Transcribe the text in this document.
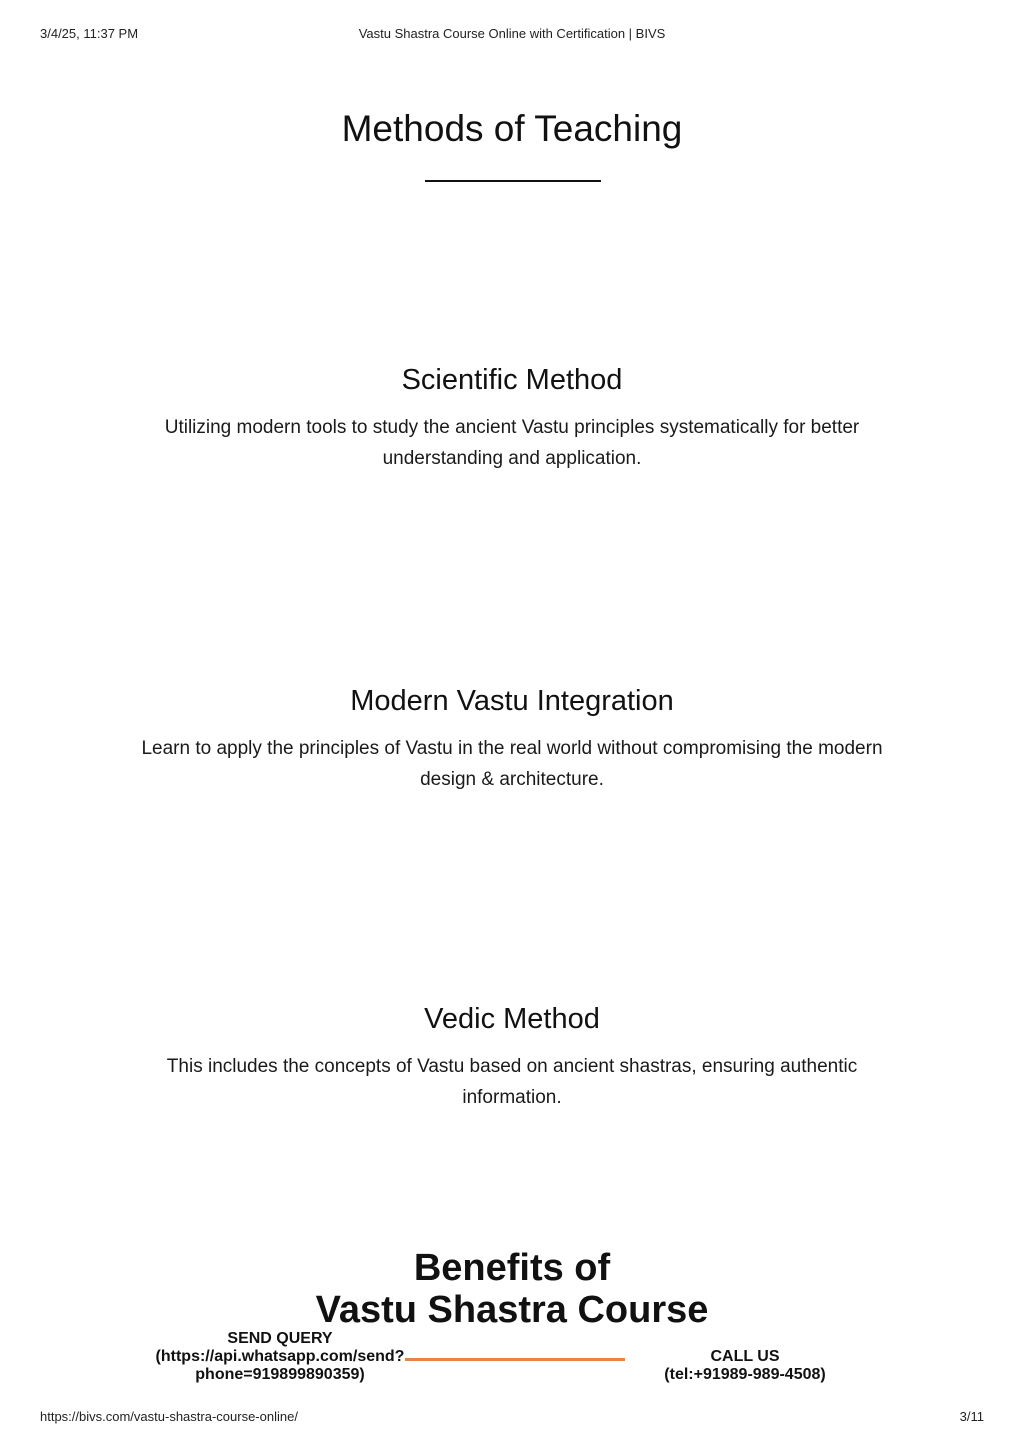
3/4/25, 11:37 PM	Vastu Shastra Course Online with Certification | BIVS
Methods of Teaching
Scientific Method

Utilizing modern tools to study the ancient Vastu principles systematically for better understanding and application.

Modern Vastu Integration

Learn to apply the principles of Vastu in the real world without compromising the modern design & architecture.

Vedic Method

This includes the concepts of Vastu based on ancient shastras, ensuring authentic information.

Benefits of
Vastu Shastra Course
SEND QUERY
(https://api.whatsapp.com/send?
phone=919899890359)
CALL US
(tel:+91989-989-4508)
https://bivs.com/vastu-shastra-course-online/	3/11
